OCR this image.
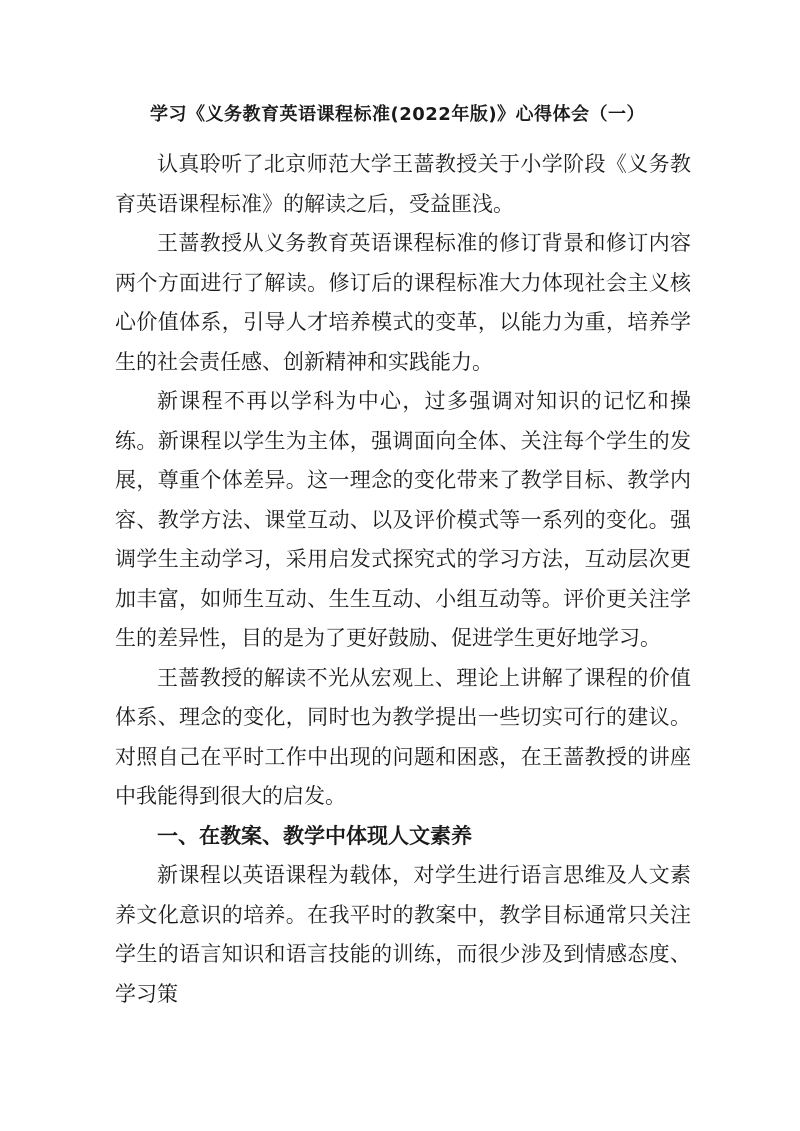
学习《义务教育英语课程标准(2022年版)》心得体会（一）

认真聆听了北京师范大学王蔷教授关于小学阶段《义务教育英语课程标准》的解读之后，受益匪浅。

王蔷教授从义务教育英语课程标准的修订背景和修订内容两个方面进行了解读。修订后的课程标准大力体现社会主义核心价值体系，引导人才培养模式的变革，以能力为重，培养学生的社会责任感、创新精神和实践能力。

新课程不再以学科为中心，过多强调对知识的记忆和操练。新课程以学生为主体，强调面向全体、关注每个学生的发展，尊重个体差异。这一理念的变化带来了教学目标、教学内容、教学方法、课堂互动、以及评价模式等一系列的变化。强调学生主动学习，采用启发式探究式的学习方法，互动层次更加丰富，如师生互动、生生互动、小组互动等。评价更关注学生的差异性，目的是为了更好鼓励、促进学生更好地学习。

王蔷教授的解读不光从宏观上、理论上讲解了课程的价值体系、理念的变化，同时也为教学提出一些切实可行的建议。对照自己在平时工作中出现的问题和困惑，在王蔷教授的讲座中我能得到很大的启发。

一、在教案、教学中体现人文素养

新课程以英语课程为载体，对学生进行语言思维及人文素养文化意识的培养。在我平时的教案中，教学目标通常只关注学生的语言知识和语言技能的训练，而很少涉及到情感态度、学习策
